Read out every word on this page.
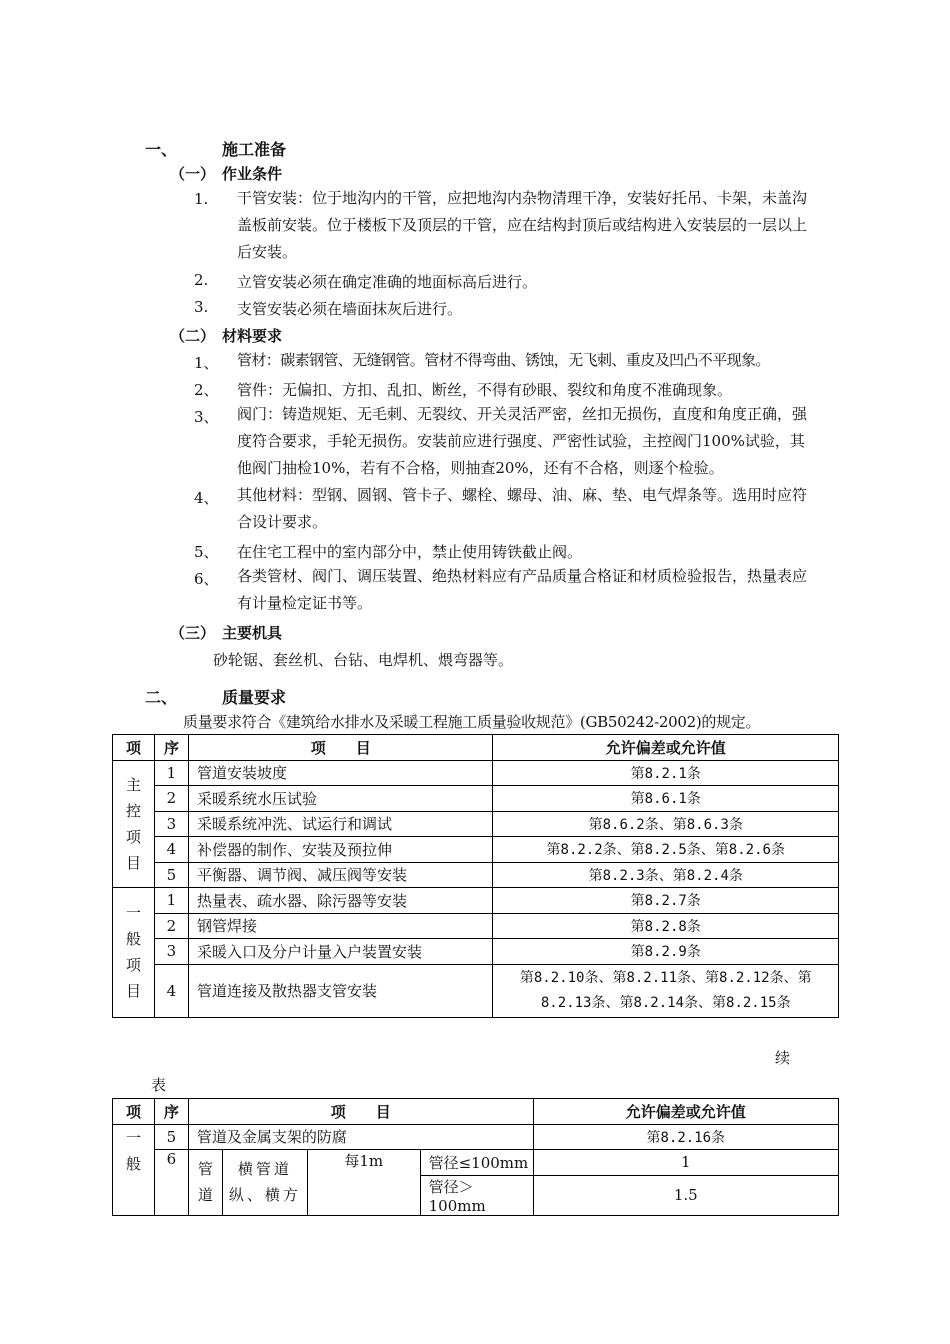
一、	施工准备
（一） 作业条件
1.	干管安装：位于地沟内的干管，应把地沟内杂物清理干净，安装好托吊、卡架，未盖沟盖板前安装。位于楼板下及顶层的干管，应在结构封顶后或结构进入安装层的一层以上后安装。
2.	立管安装必须在确定准确的地面标高后进行。
3.	支管安装必须在墙面抹灰后进行。
（二） 材料要求
1、	管材：碳素钢管、无缝钢管。管材不得弯曲、锈蚀，无飞刺、重皮及凹凸不平现象。
2、	管件：无偏扣、方扣、乱扣、断丝，不得有砂眼、裂纹和角度不准确现象。
3、	阀门：铸造规矩、无毛刺、无裂纹、开关灵活严密，丝扣无损伤，直度和角度正确，强度符合要求，手轮无损伤。安装前应进行强度、严密性试验，主控阀门100%试验，其他阀门抽检10%，若有不合格，则抽查20%，还有不合格，则逐个检验。
4、	其他材料：型钢、圆钢、管卡子、螺栓、螺母、油、麻、垫、电气焊条等。选用时应符合设计要求。
5、	在住宅工程中的室内部分中，禁止使用铸铁截止阀。
6、	各类管材、阀门、调压装置、绝热材料应有产品质量合格证和材质检验报告，热量表应有计量检定证书等。
（三） 主要机具
砂轮锯、套丝机、台钻、电焊机、煨弯器等。
二、	质量要求
质量要求符合《建筑给水排水及采暖工程施工质量验收规范》(GB50242-2002)的规定。
项	序	项　　目	允许偏差或允许值

主控项目	1	管道安装坡度	第8.2.1条
	2	采暖系统水压试验	第8.6.1条
	3	采暖系统冲洗、试运行和调试	第8.6.2条、第8.6.3条
	4	补偿器的制作、安装及预拉伸	第8.2.2条、第8.2.5条、第8.2.6条
	5	平衡器、调节阀、减压阀等安装	第8.2.3条、第8.2.4条

一般项目	1	热量表、疏水器、除污器等安装	第8.2.7条
	2	钢管焊接	第8.2.8条
	3	采暖入口及分户计量入户装置安装	第8.2.9条
	4	管道连接及散热器支管安装	第8.2.10条、第8.2.11条、第8.2.12条、第8.2.13条、第8.2.14条、第8.2.15条
续
表
项	序	项　　目				允许偏差或允许值

一般	5	管道及金属支架的防腐				第8.2.16条
	6	管道	横管道纵、横方	每1m	管径≤100mm	1
					管径＞100mm	1.5
